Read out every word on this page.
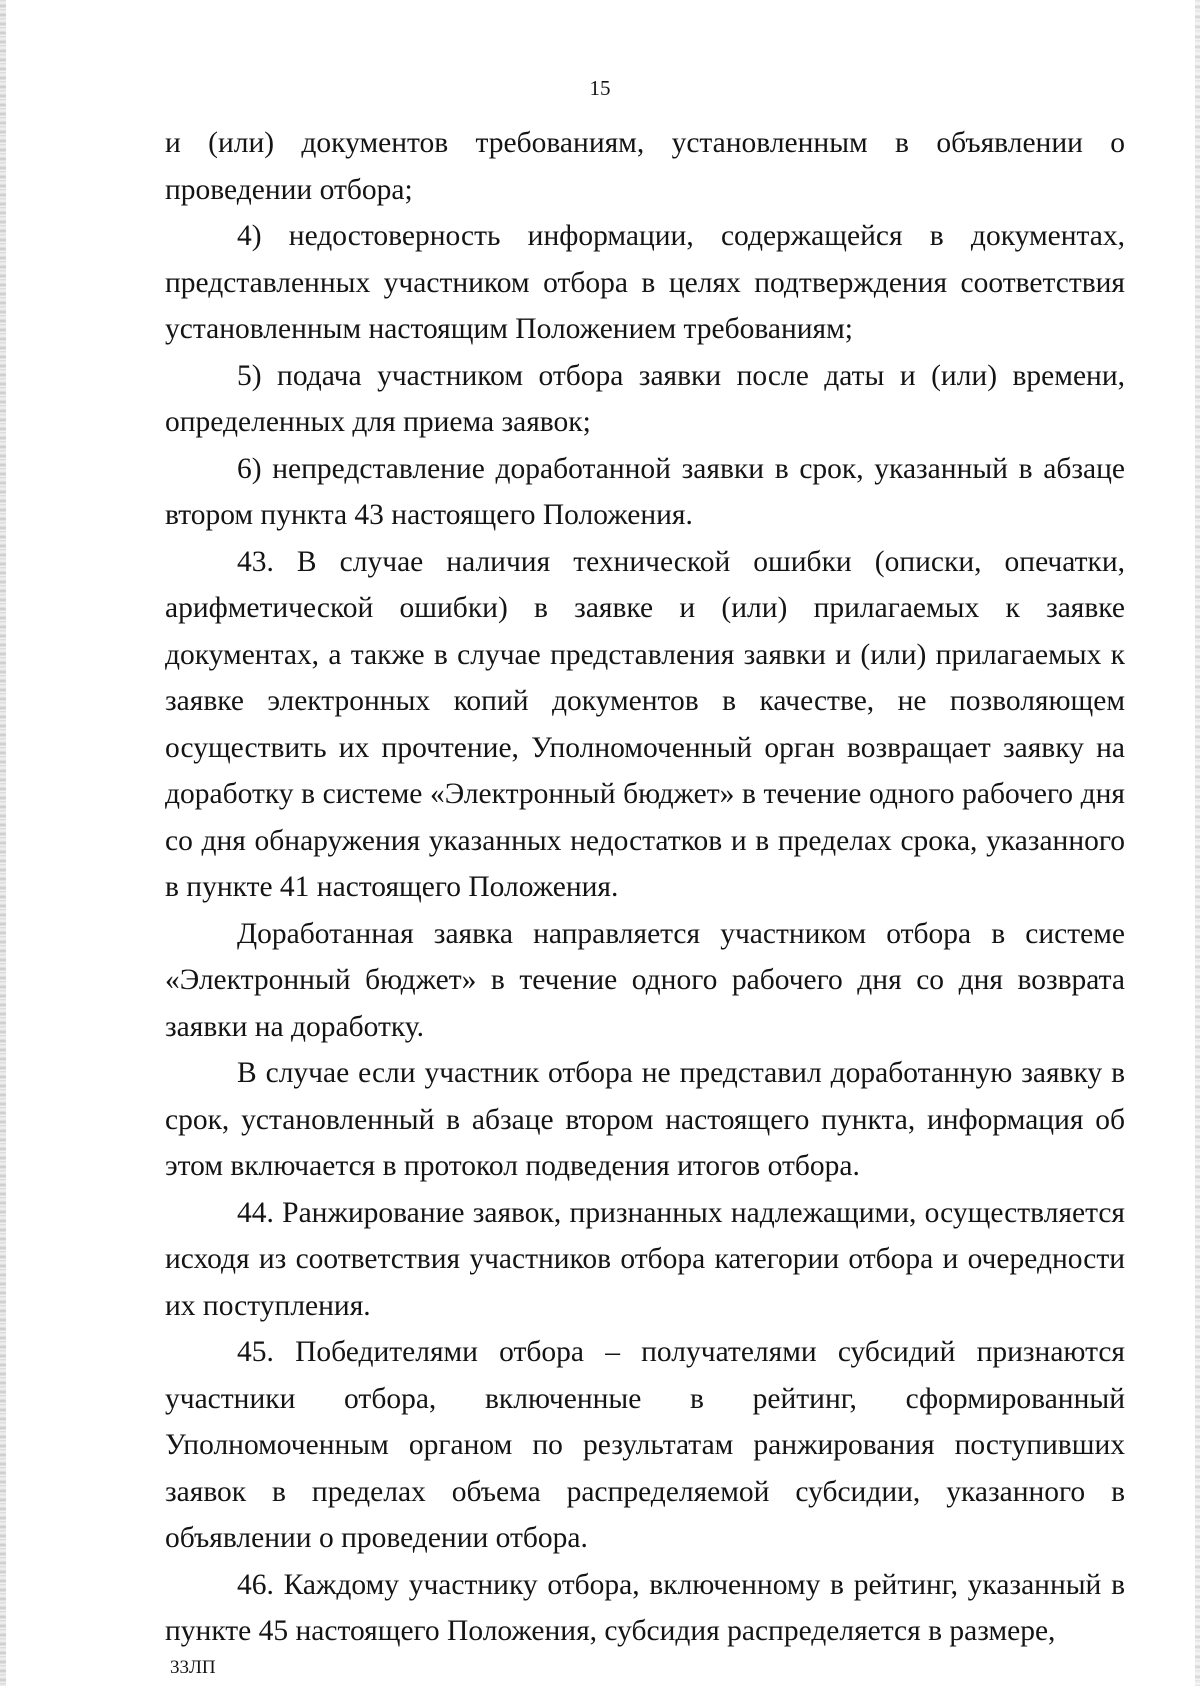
15

и (или) документов требованиям, установленным в объявлении о проведении отбора;

4) недостоверность информации, содержащейся в документах, представленных участником отбора в целях подтверждения соответствия установленным настоящим Положением требованиям;

5) подача участником отбора заявки после даты и (или) времени, определенных для приема заявок;

6) непредставление доработанной заявки в срок, указанный в абзаце втором пункта 43 настоящего Положения.

43. В случае наличия технической ошибки (описки, опечатки, арифметической ошибки) в заявке и (или) прилагаемых к заявке документах, а также в случае представления заявки и (или) прилагаемых к заявке электронных копий документов в качестве, не позволяющем осуществить их прочтение, Уполномоченный орган возвращает заявку на доработку в системе «Электронный бюджет» в течение одного рабочего дня со дня обнаружения указанных недостатков и в пределах срока, указанного в пункте 41 настоящего Положения.

Доработанная заявка направляется участником отбора в системе «Электронный бюджет» в течение одного рабочего дня со дня возврата заявки на доработку.

В случае если участник отбора не представил доработанную заявку в срок, установленный в абзаце втором настоящего пункта, информация об этом включается в протокол подведения итогов отбора.

44. Ранжирование заявок, признанных надлежащими, осуществляется исходя из соответствия участников отбора категории отбора и очередности их поступления.

45. Победителями отбора – получателями субсидий признаются участники отбора, включенные в рейтинг, сформированный Уполномоченным органом по результатам ранжирования поступивших заявок в пределах объема распределяемой субсидии, указанного в объявлении о проведении отбора.

46. Каждому участнику отбора, включенному в рейтинг, указанный в пункте 45 настоящего Положения, субсидия распределяется в размере,

33ЛП
